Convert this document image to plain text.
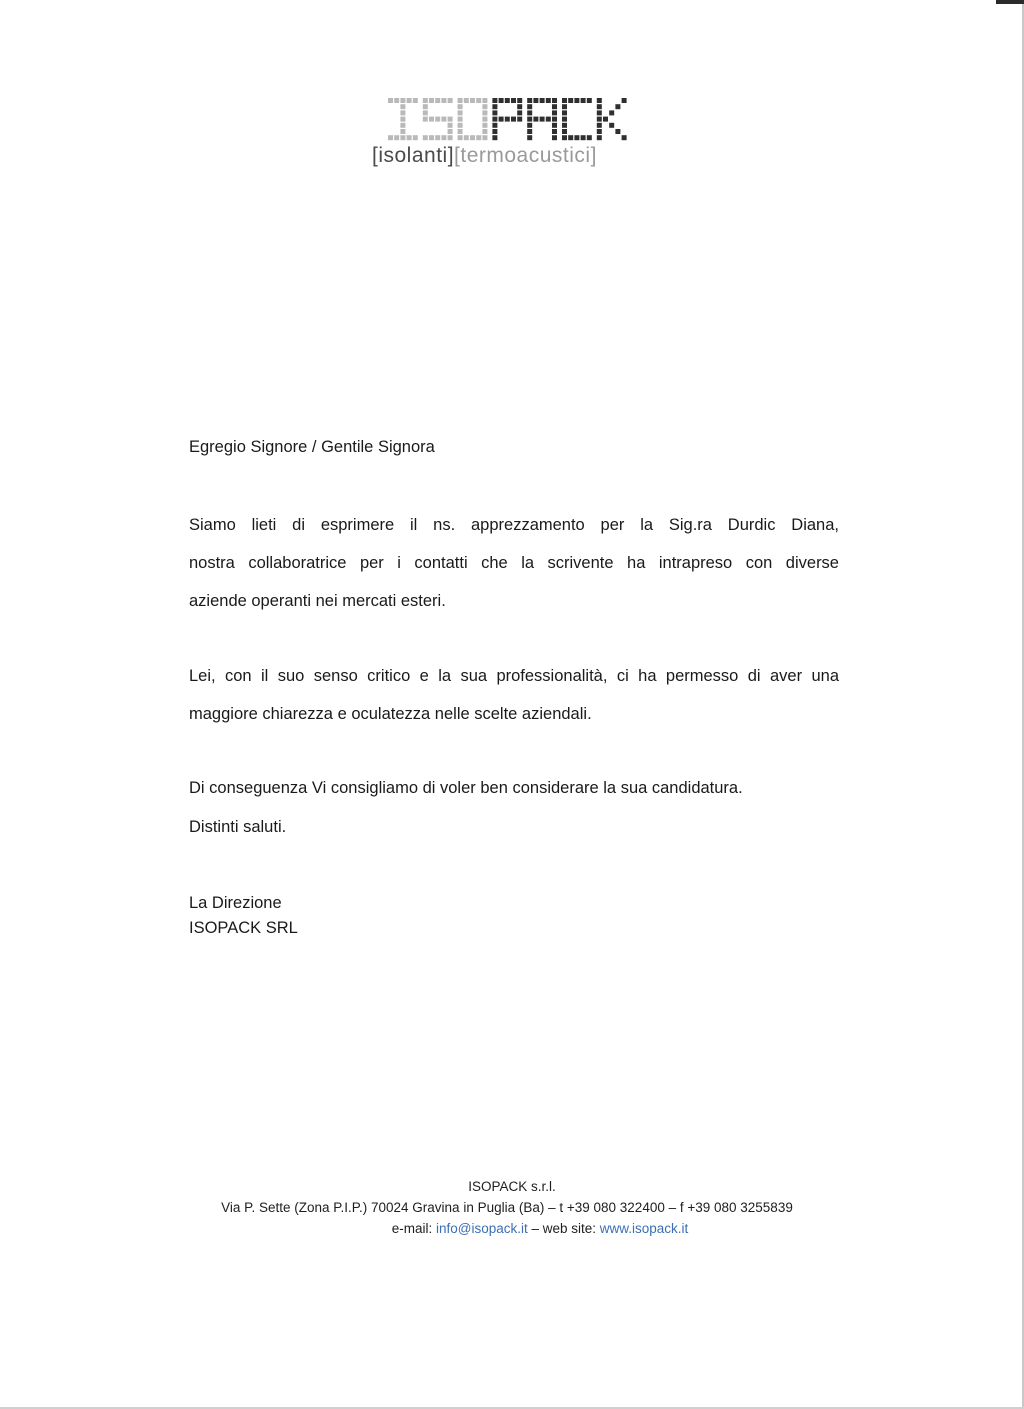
[isolanti][termoacustici]
Egregio Signore / Gentile Signora
Siamo lieti di esprimere il ns. apprezzamento per la Sig.ra Durdic Diana,
nostra collaboratrice per i contatti che la scrivente ha intrapreso con diverse
aziende operanti nei mercati esteri.
Lei, con il suo senso critico e la sua professionalità, ci ha permesso di aver una
maggiore chiarezza e oculatezza nelle scelte aziendali.
Di conseguenza Vi consigliamo di voler ben considerare la sua candidatura.
Distinti saluti.
La Direzione
ISOPACK SRL
ISOPACK s.r.l.
Via P. Sette (Zona P.I.P.) 70024 Gravina in Puglia (Ba) – t +39 080 322400 – f +39 080 3255839
e-mail: info@isopack.it – web site: www.isopack.it
